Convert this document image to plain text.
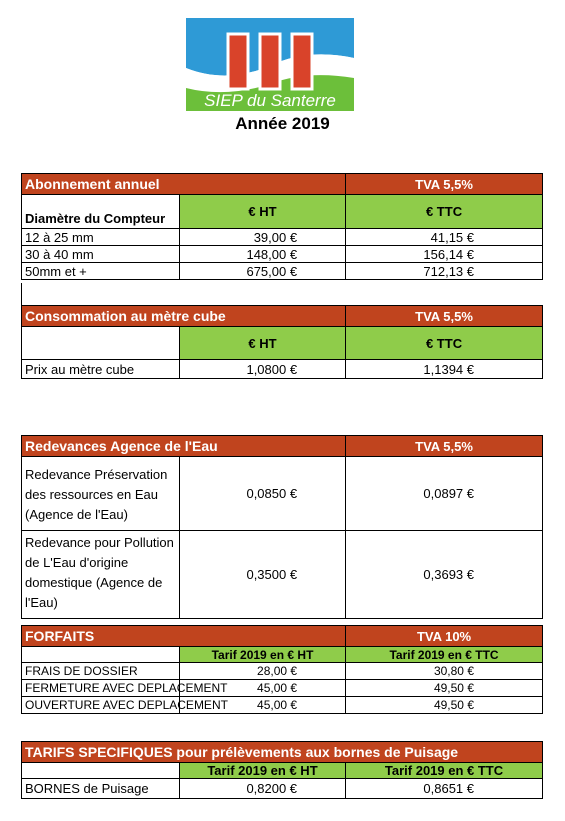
SIEP du Santerre
Année 2019
Abonnement annuel		TVA 5,5%
Diamètre du Compteur	€ HT	€ TTC
12 à 25 mm	39,00 €	41,15 €
30 à 40 mm	148,00 €	156,14 €
50mm et +	675,00 €	712,13 €
Consommation au mètre cube		TVA 5,5%
	€ HT	€ TTC
Prix au mètre cube	1,0800 €	1,1394 €
Redevances Agence de l'Eau		TVA 5,5%
Redevance Préservation des ressources en Eau (Agence de l'Eau)	0,0850 €	0,0897 €
Redevance pour Pollution de L'Eau d'origine domestique (Agence de l'Eau)	0,3500 €	0,3693 €
FORFAITS		TVA 10%
	Tarif 2019 en € HT	Tarif 2019 en € TTC
FRAIS DE DOSSIER	28,00 €	30,80 €
FERMETURE AVEC DEPLACEMENT	45,00 €	49,50 €
OUVERTURE AVEC DEPLACEMENT	45,00 €	49,50 €
TARIFS SPECIFIQUES pour prélèvements aux bornes de Puisage		
	Tarif 2019 en € HT	Tarif 2019 en € TTC
BORNES de Puisage	0,8200 €	0,8651 €
